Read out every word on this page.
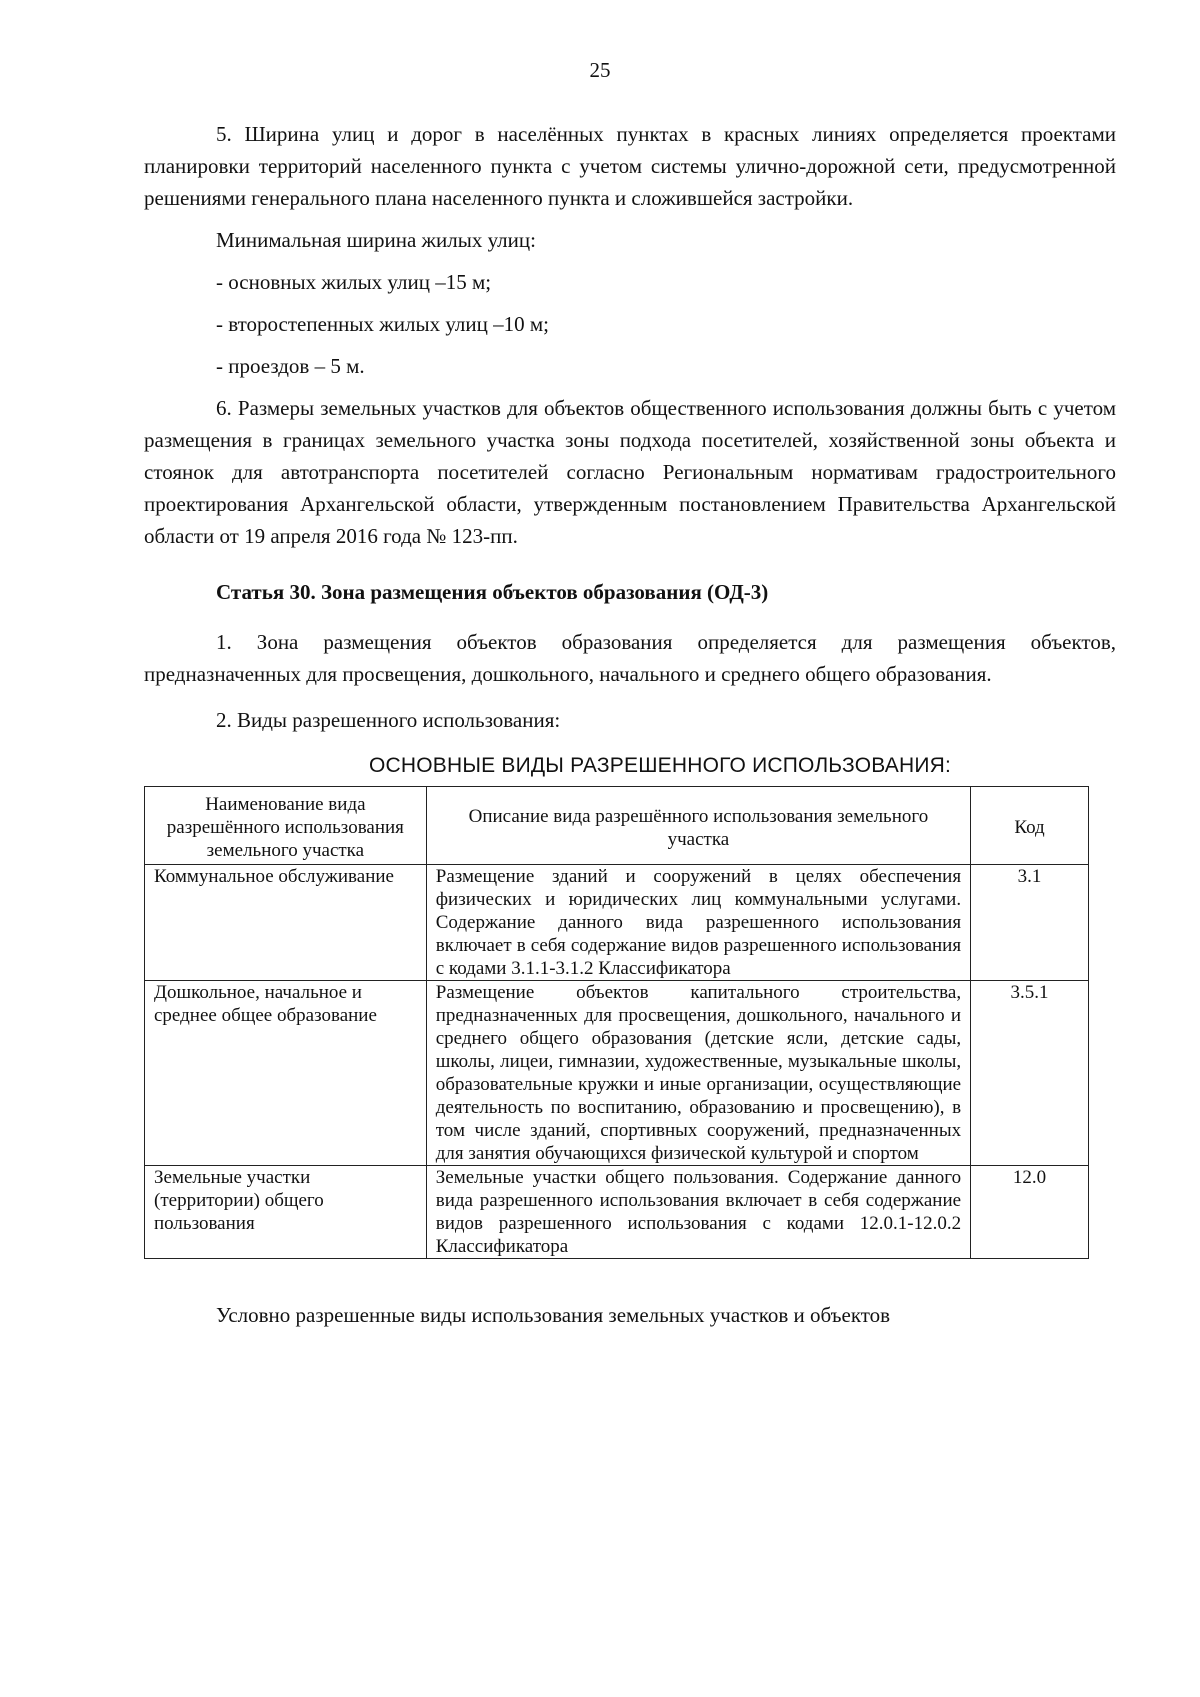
25

5. Ширина улиц и дорог в населённых пунктах в красных линиях определяется проектами планировки территорий населенного пункта с учетом системы улично-дорожной сети, предусмотренной решениями генерального плана населенного пункта и сложившейся застройки.

Минимальная ширина жилых улиц:

- основных жилых улиц –15 м;

- второстепенных жилых улиц –10 м;

- проездов – 5 м.

6. Размеры земельных участков для объектов общественного использования должны быть с учетом размещения в границах земельного участка зоны подхода посетителей, хозяйственной зоны объекта и стоянок для автотранспорта посетителей согласно Региональным нормативам градостроительного проектирования Архангельской области, утвержденным постановлением Правительства Архангельской области от 19 апреля 2016 года № 123-пп.

Статья 30. Зона размещения объектов образования (ОД-3)

1. Зона размещения объектов образования определяется для размещения объектов, предназначенных для просвещения, дошкольного, начального и среднего общего образования.

2. Виды разрешенного использования:

ОСНОВНЫЕ ВИДЫ РАЗРЕШЕННОГО ИСПОЛЬЗОВАНИЯ:

Наименование вида разрешённого использования земельного участка	Описание вида разрешённого использования земельного участка	Код
Коммунальное обслуживание	Размещение зданий и сооружений в целях обеспечения физических и юридических лиц коммунальными услугами. Содержание данного вида разрешенного использования включает в себя содержание видов разрешенного использования с кодами 3.1.1-3.1.2 Классификатора	3.1
Дошкольное, начальное и среднее общее образование	Размещение объектов капитального строительства, предназначенных для просвещения, дошкольного, начального и среднего общего образования (детские ясли, детские сады, школы, лицеи, гимназии, художественные, музыкальные школы, образовательные кружки и иные организации, осуществляющие деятельность по воспитанию, образованию и просвещению), в том числе зданий, спортивных сооружений, предназначенных для занятия обучающихся физической культурой и спортом	3.5.1
Земельные участки (территории) общего пользования	Земельные участки общего пользования. Содержание данного вида разрешенного использования включает в себя содержание видов разрешенного использования с кодами 12.0.1-12.0.2 Классификатора	12.0

Условно разрешенные виды использования земельных участков и объектов
